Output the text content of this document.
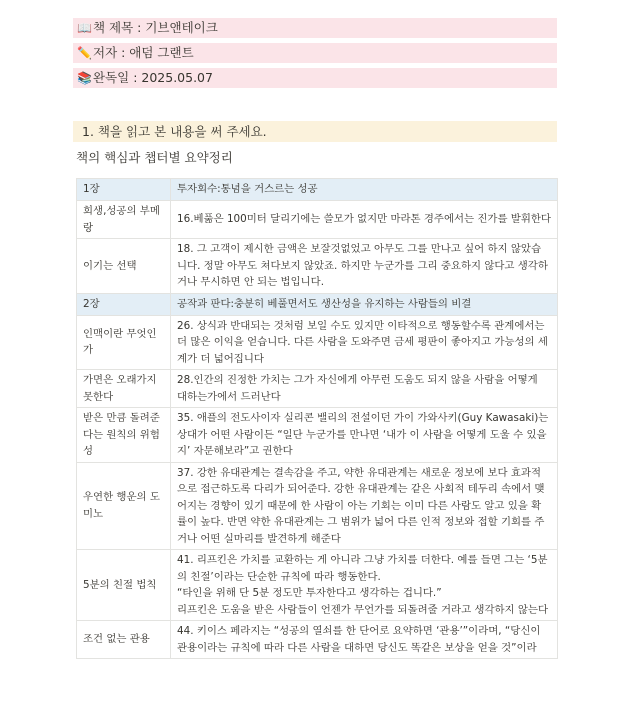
📖책 제목 : 기브앤테이크
✏️저자 : 애덤 그랜트
📚완독일 : 2025.05.07
1. 책을 읽고 본 내용을 써 주세요.
책의 핵심과 챕터별 요약정리
1장	투자회수:통념을 거스르는 성공
희생,성공의 부메랑	16.베풂은 100미터 달리기에는 쓸모가 없지만 마라톤 경주에서는 진가를 발휘한다
이기는 선택	18. 그 고객이 제시한 금액은 보잘것없었고 아무도 그를 만나고 싶어 하지 않았습니다. 정말 아무도 쳐다보지 않았죠. 하지만 누군가를 그리 중요하지 않다고 생각하거나 무시하면 안 되는 법입니다.
2장	공작과 판다:충분히 베풀면서도 생산성을 유지하는 사람들의 비결
인맥이란 무엇인가	26. 상식과 반대되는 것처럼 보일 수도 있지만 이타적으로 행동할수록 관계에서는 더 많은 이익을 얻습니다. 다른 사람을 도와주면 금세 평판이 좋아지고 가능성의 세계가 더 넓어집니다
가면은 오래가지 못한다	28.인간의 진정한 가치는 그가 자신에게 아무런 도움도 되지 않을 사람을 어떻게 대하는가에서 드러난다
받은 만큼 돌려준다는 원칙의 위험성	35. 애플의 전도사이자 실리콘 밸리의 전설이던 가이 가와사키(Guy Kawasaki)는 상대가 어떤 사람이든 “일단 누군가를 만나면 ‘내가 이 사람을 어떻게 도울 수 있을지’ 자문해보라”고 권한다
우연한 행운의 도미노	37. 강한 유대관계는 결속감을 주고, 약한 유대관계는 새로운 정보에 보다 효과적으로 접근하도록 다리가 되어준다. 강한 유대관계는 같은 사회적 테두리 속에서 맺어지는 경향이 있기 때문에 한 사람이 아는 기회는 이미 다른 사람도 알고 있을 확률이 높다. 반면 약한 유대관계는 그 범위가 넓어 다른 인적 정보와 접할 기회를 주거나 어떤 실마리를 발견하게 해준다
5분의 친절 법칙	41. 리프킨은 가치를 교환하는 게 아니라 그냥 가치를 더한다. 예를 들면 그는 ‘5분의 친절’이라는 단순한 규칙에 따라 행동한다.
“타인을 위해 단 5분 정도만 투자한다고 생각하는 겁니다.”
리프킨은 도움을 받은 사람들이 언젠가 무언가를 되돌려줄 거라고 생각하지 않는다
조건 없는 관용	44. 키이스 페라지는 “성공의 열쇠를 한 단어로 요약하면 ‘관용’”이라며, “당신이 관용이라는 규칙에 따라 다른 사람을 대하면 당신도 똑같은 보상을 얻을 것”이라
